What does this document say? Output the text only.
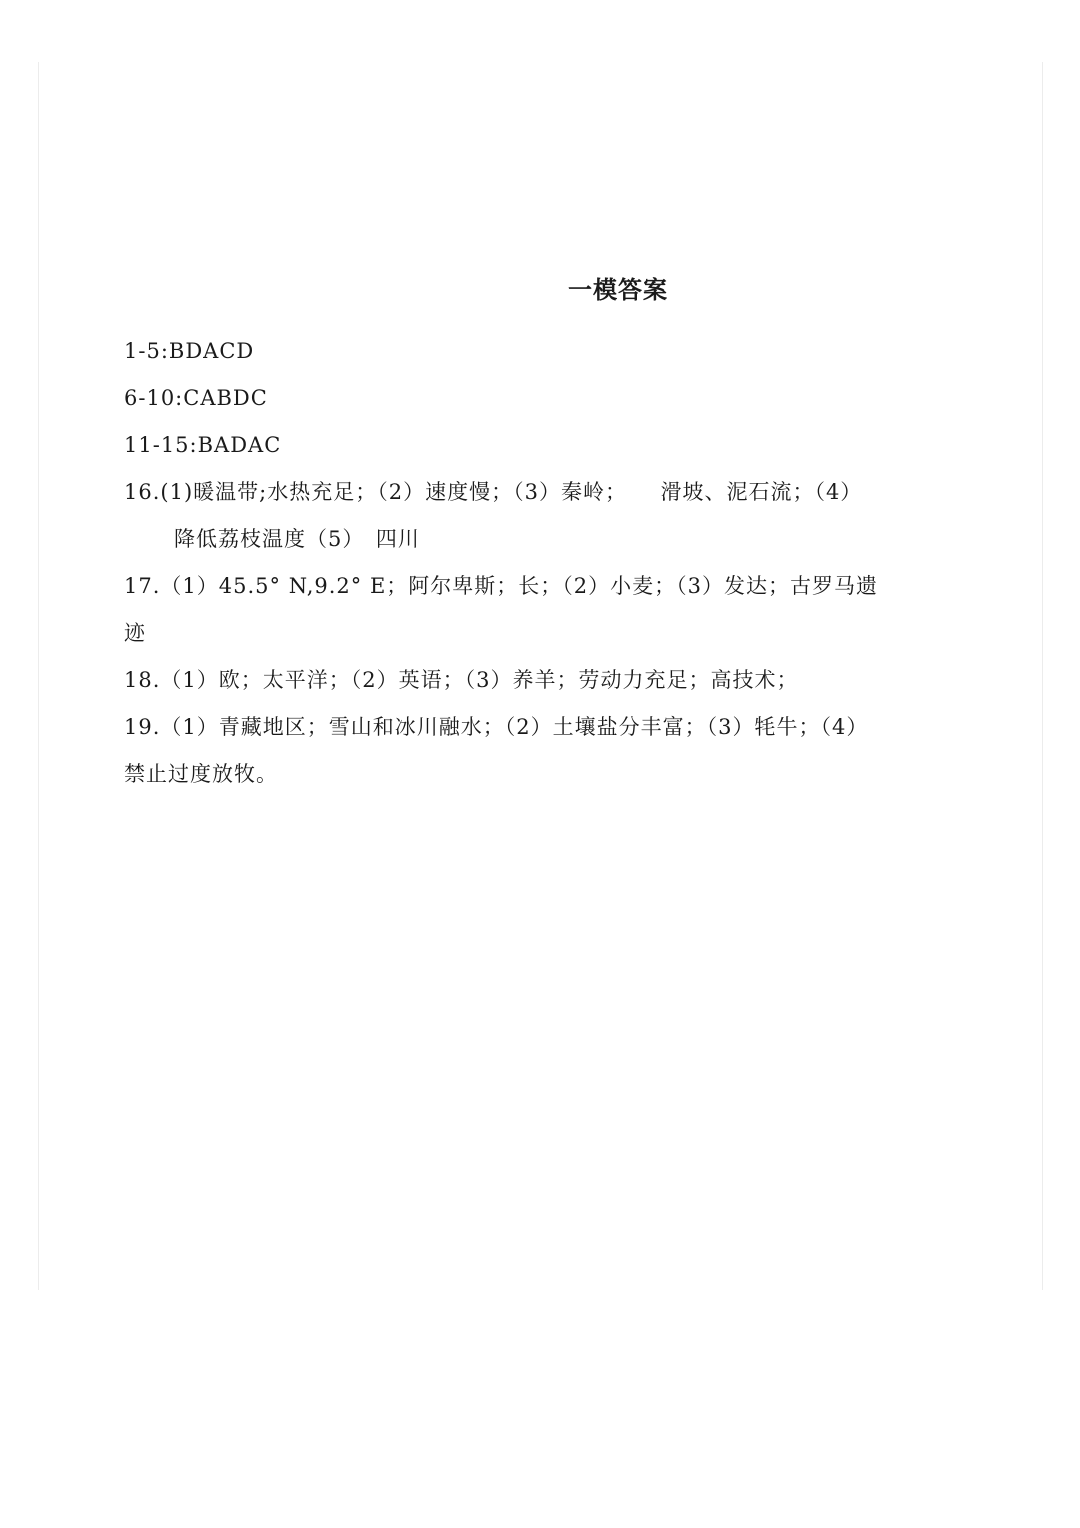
一模答案
1-5:BDACD
6-10:CABDC
11-15:BADAC
16.(1)暖温带;水热充足；（2）速度慢；（3）秦岭；　　滑坡、泥石流；（4）
降低荔枝温度（5）　四川
17.（1）45.5° N,9.2° E；阿尔卑斯；长；（2）小麦；（3）发达；古罗马遗
迹
18.（1）欧；太平洋；（2）英语；（3）养羊；劳动力充足；高技术；
19.（1）青藏地区；雪山和冰川融水；（2）土壤盐分丰富；（3）牦牛；（4）
禁止过度放牧。
